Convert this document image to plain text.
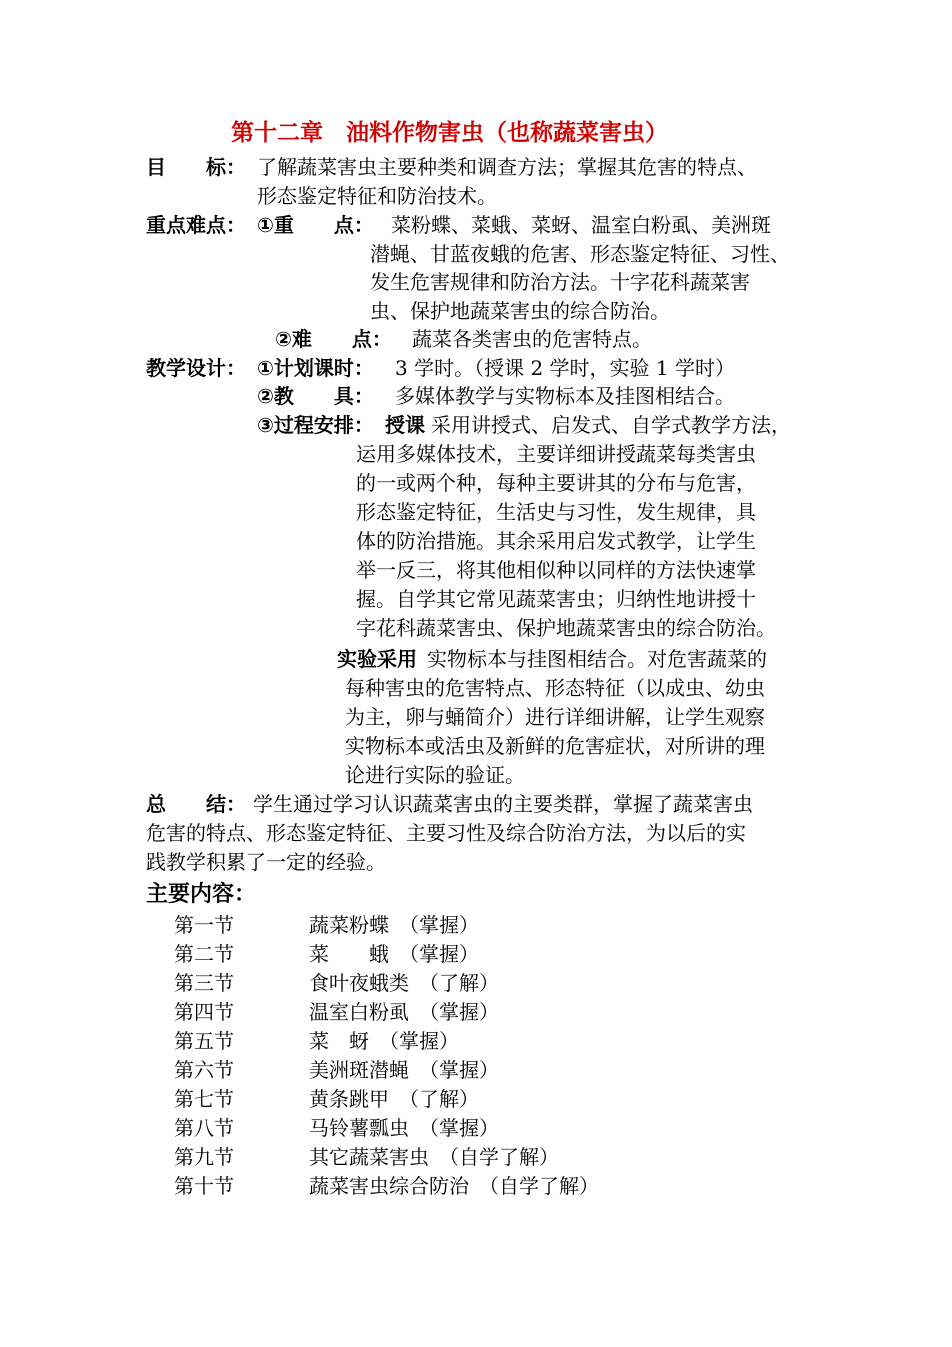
第十二章　油料作物害虫（也称蔬菜害虫）
目　　标： 了解蔬菜害虫主要种类和调查方法；掌握其危害的特点、
形态鉴定特征和防治技术。
重点难点： ①重　　点： 菜粉蝶、菜蛾、菜蚜、温室白粉虱、美洲斑
潜蝇、甘蓝夜蛾的危害、形态鉴定特征、习性、
发生危害规律和防治方法。十字花科蔬菜害
虫、保护地蔬菜害虫的综合防治。
②难　　点： 蔬菜各类害虫的危害特点。
教学设计： ①计划课时： 3 学时。（授课 2 学时，实验 1 学时）
②教　　具： 多媒体教学与实物标本及挂图相结合。
③过程安排： 授课 采用讲授式、启发式、自学式教学方法，
运用多媒体技术，主要详细讲授蔬菜每类害虫
的一或两个种，每种主要讲其的分布与危害，
形态鉴定特征，生活史与习性，发生规律，具
体的防治措施。其余采用启发式教学，让学生
举一反三，将其他相似种以同样的方法快速掌
握。自学其它常见蔬菜害虫；归纳性地讲授十
字花科蔬菜害虫、保护地蔬菜害虫的综合防治。
实验采用 实物标本与挂图相结合。对危害蔬菜的
每种害虫的危害特点、形态特征（以成虫、幼虫
为主，卵与蛹简介）进行详细讲解，让学生观察
实物标本或活虫及新鲜的危害症状，对所讲的理
论进行实际的验证。
总　　结： 学生通过学习认识蔬菜害虫的主要类群，掌握了蔬菜害虫
危害的特点、形态鉴定特征、主要习性及综合防治方法，为以后的实
践教学积累了一定的经验。
主要内容：
第一节	蔬菜粉蝶　（掌握）
第二节	菜　　蛾　（掌握）
第三节	食叶夜蛾类　（了解）
第四节	温室白粉虱　（掌握）
第五节	菜　蚜　（掌握）
第六节	美洲斑潜蝇　（掌握）
第七节	黄条跳甲　（了解）
第八节	马铃薯瓢虫　（掌握）
第九节	其它蔬菜害虫　（自学了解）
第十节	蔬菜害虫综合防治　（自学了解）
